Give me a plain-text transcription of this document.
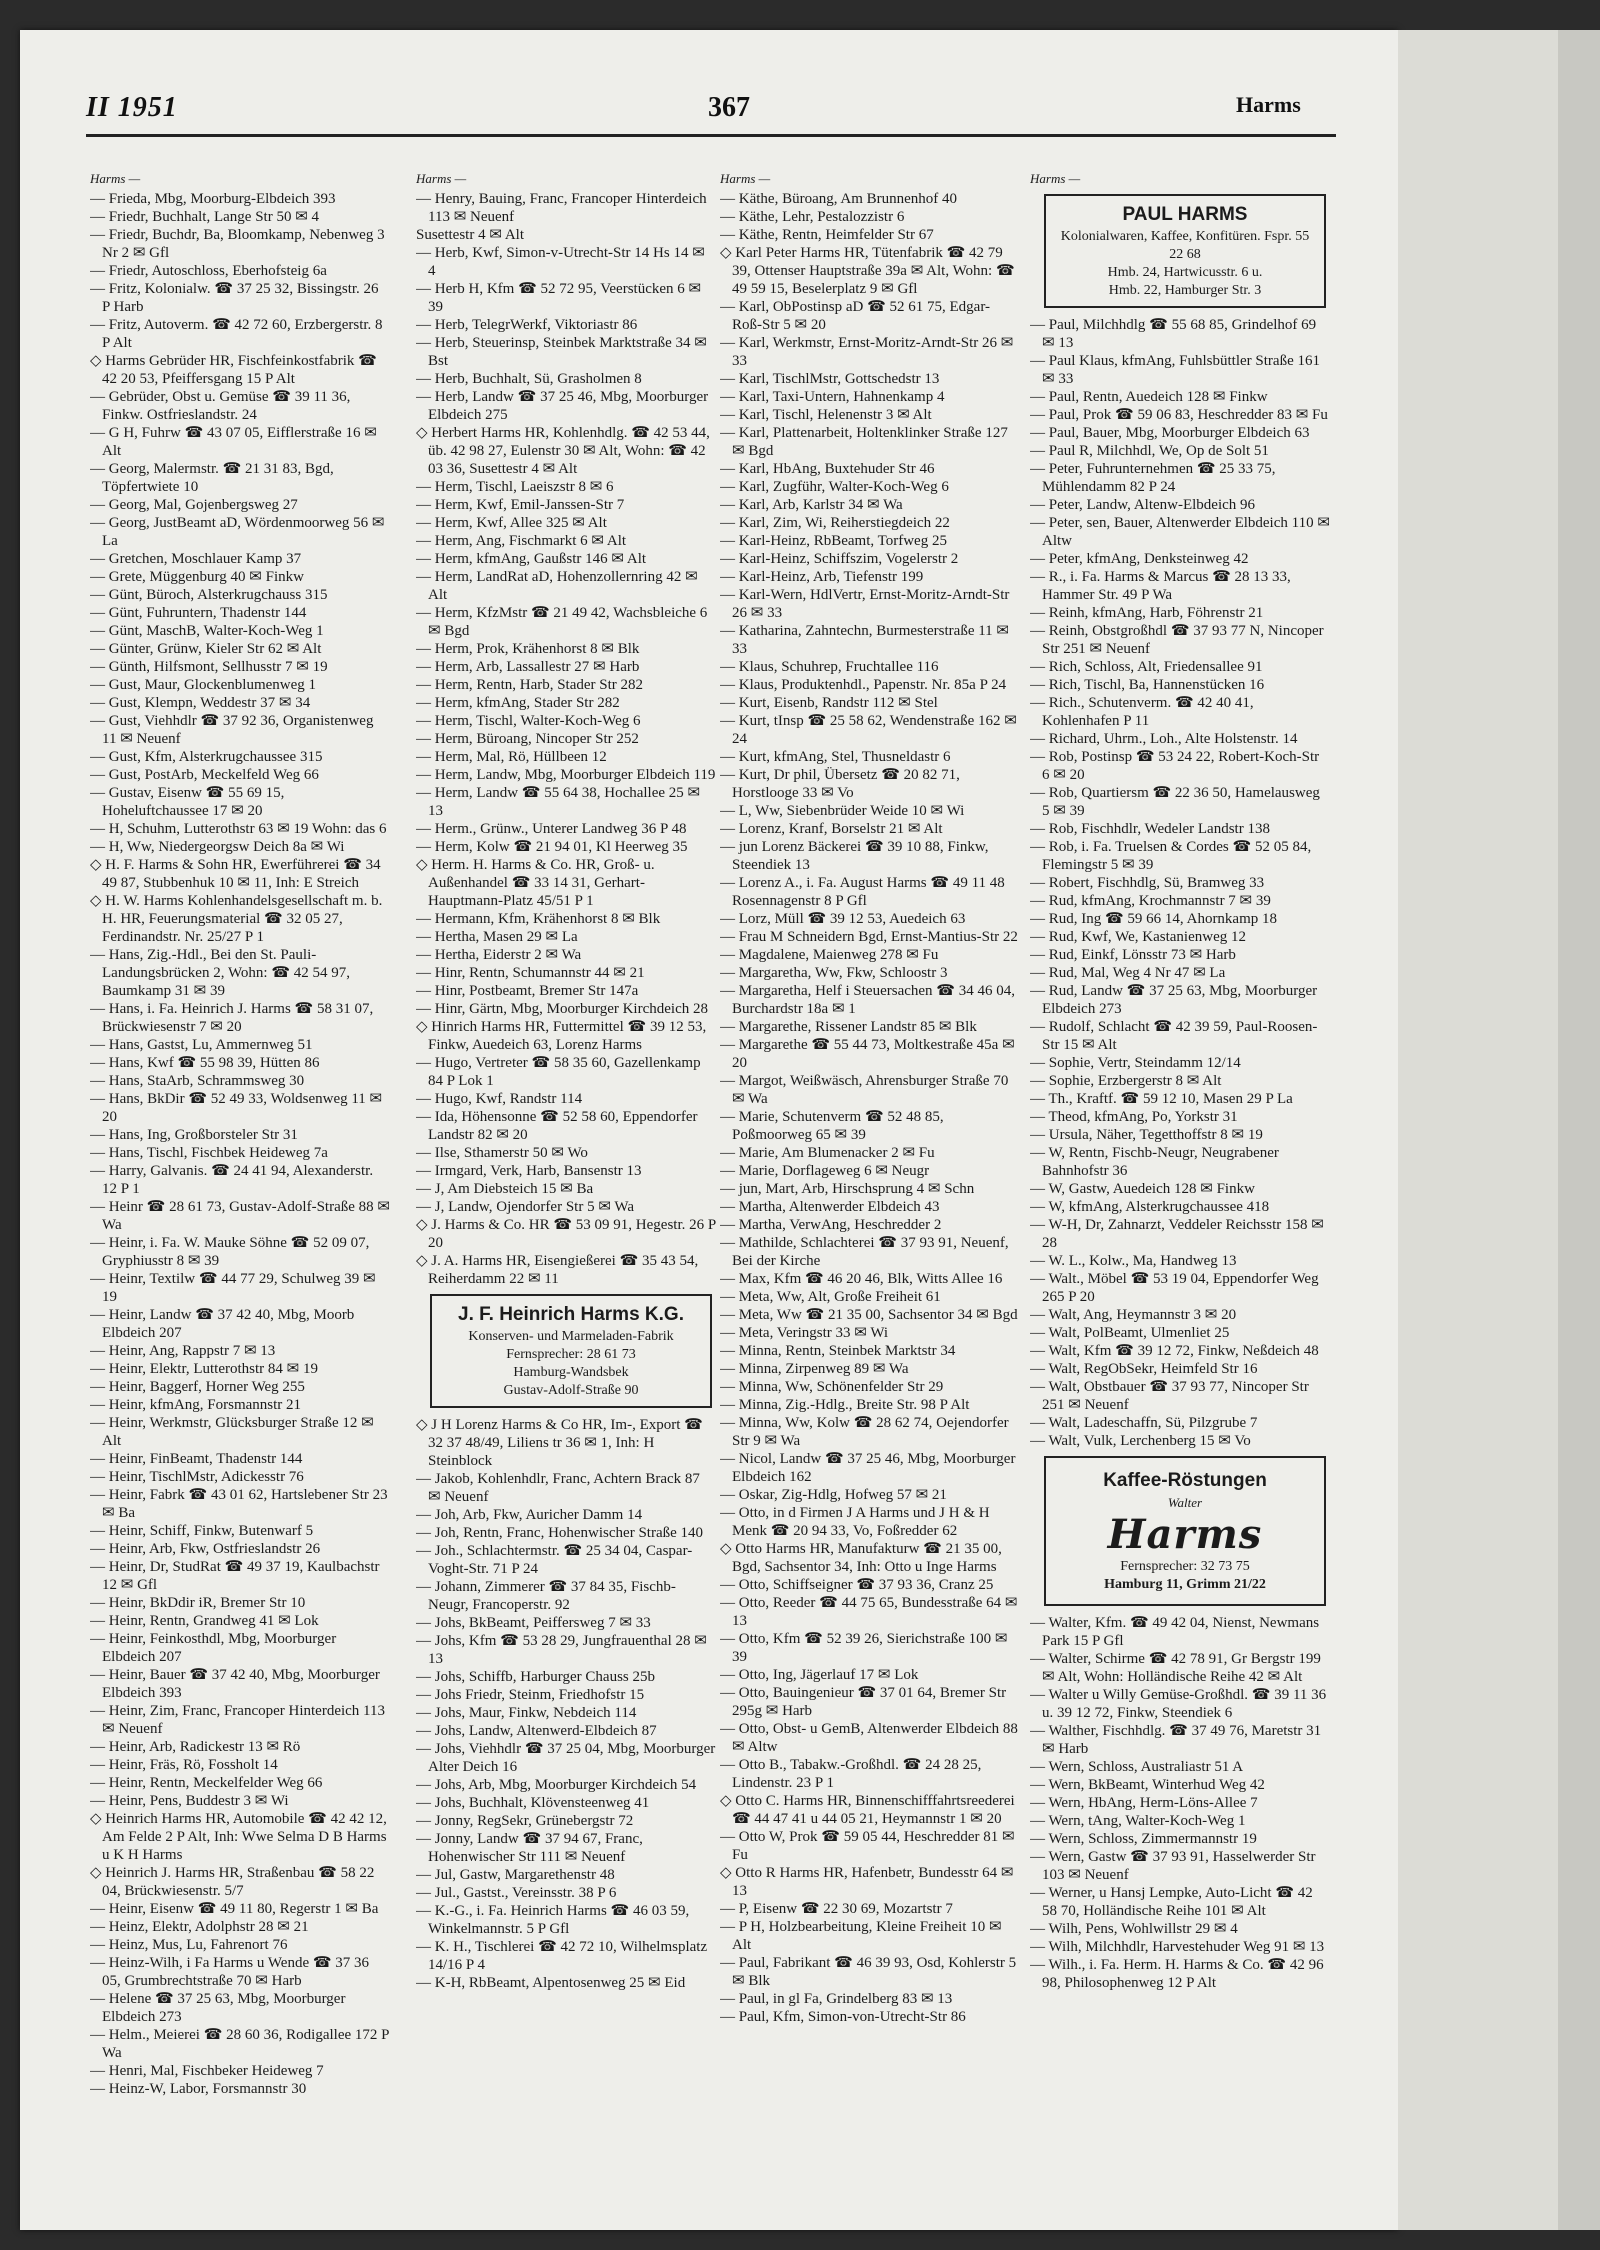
II 1951	367	Harms
Harms —

— Frieda, Mbg, Moorburg-Elbdeich 393

— Friedr, Buchhalt, Lange Str 50 ✉ 4

— Friedr, Buchdr, Ba, Bloomkamp, Nebenweg 3 Nr 2 ✉ Gfl

— Friedr, Autoschloss, Eberhofsteig 6a

— Fritz, Kolonialw. ☎ 37 25 32, Bissingstr. 26 P Harb

— Fritz, Autoverm. ☎ 42 72 60, Erzbergerstr. 8 P Alt

◇ Harms Gebrüder HR, Fischfeinkostfabrik ☎ 42 20 53, Pfeiffersgang 15 P Alt

— Gebrüder, Obst u. Gemüse ☎ 39 11 36, Finkw. Ostfrieslandstr. 24

— G H, Fuhrw ☎ 43 07 05, Eifflerstraße 16 ✉ Alt

— Georg, Malermstr. ☎ 21 31 83, Bgd, Töpfertwiete 10

— Georg, Mal, Gojenbergsweg 27

— Georg, JustBeamt aD, Wördenmoorweg 56 ✉ La

— Gretchen, Moschlauer Kamp 37

— Grete, Müggenburg 40 ✉ Finkw

— Günt, Büroch, Alsterkrugchauss 315

— Günt, Fuhruntern, Thadenstr 144

— Günt, MaschB, Walter-Koch-Weg 1

— Günter, Grünw, Kieler Str 62 ✉ Alt

— Günth, Hilfsmont, Sellhusstr 7 ✉ 19

— Gust, Maur, Glockenblumenweg 1

— Gust, Klempn, Weddestr 37 ✉ 34

— Gust, Viehhdlr ☎ 37 92 36, Organistenweg 11 ✉ Neuenf

— Gust, Kfm, Alsterkrugchaussee 315

— Gust, PostArb, Meckelfeld Weg 66

— Gustav, Eisenw ☎ 55 69 15, Hoheluftchaussee 17 ✉ 20

— H, Schuhm, Lutterothstr 63 ✉ 19 Wohn: das 6

— H, Ww, Niedergeorgsw Deich 8a ✉ Wi

◇ H. F. Harms & Sohn HR, Ewerführerei ☎ 34 49 87, Stubbenhuk 10 ✉ 11, Inh: E Streich

◇ H. W. Harms Kohlenhandelsgesellschaft m. b. H. HR, Feuerungsmaterial ☎ 32 05 27, Ferdinandstr. Nr. 25/27 P 1

— Hans, Zig.-Hdl., Bei den St. Pauli-Landungsbrücken 2, Wohn: ☎ 42 54 97, Baumkamp 31 ✉ 39

— Hans, i. Fa. Heinrich J. Harms ☎ 58 31 07, Brückwiesenstr 7 ✉ 20

— Hans, Gastst, Lu, Ammernweg 51

— Hans, Kwf ☎ 55 98 39, Hütten 86

— Hans, StaArb, Schrammsweg 30

— Hans, BkDir ☎ 52 49 33, Woldsenweg 11 ✉ 20

— Hans, Ing, Großborsteler Str 31

— Hans, Tischl, Fischbek Heideweg 7a

— Harry, Galvanis. ☎ 24 41 94, Alexanderstr. 12 P 1

— Heinr ☎ 28 61 73, Gustav-Adolf-Straße 88 ✉ Wa

— Heinr, i. Fa. W. Mauke Söhne ☎ 52 09 07, Gryphiusstr 8 ✉ 39

— Heinr, Textilw ☎ 44 77 29, Schulweg 39 ✉ 19

— Heinr, Landw ☎ 37 42 40, Mbg, Moorb Elbdeich 207

— Heinr, Ang, Rappstr 7 ✉ 13

— Heinr, Elektr, Lutterothstr 84 ✉ 19

— Heinr, Baggerf, Horner Weg 255

— Heinr, kfmAng, Forsmannstr 21

— Heinr, Werkmstr, Glücksburger Straße 12 ✉ Alt

— Heinr, FinBeamt, Thadenstr 144

— Heinr, TischlMstr, Adickesstr 76

— Heinr, Fabrk ☎ 43 01 62, Hartslebener Str 23 ✉ Ba

— Heinr, Schiff, Finkw, Butenwarf 5

— Heinr, Arb, Fkw, Ostfrieslandstr 26

— Heinr, Dr, StudRat ☎ 49 37 19, Kaulbachstr 12 ✉ Gfl

— Heinr, BkDdir iR, Bremer Str 10

— Heinr, Rentn, Grandweg 41 ✉ Lok

— Heinr, Feinkosthdl, Mbg, Moorburger Elbdeich 207

— Heinr, Bauer ☎ 37 42 40, Mbg, Moorburger Elbdeich 393

— Heinr, Zim, Franc, Francoper Hinterdeich 113 ✉ Neuenf

— Heinr, Arb, Radickestr 13 ✉ Rö

— Heinr, Fräs, Rö, Fossholt 14

— Heinr, Rentn, Meckelfelder Weg 66

— Heinr, Pens, Buddestr 3 ✉ Wi

◇ Heinrich Harms HR, Automobile ☎ 42 42 12, Am Felde 2 P Alt, Inh: Wwe Selma D B Harms u K H Harms

◇ Heinrich J. Harms HR, Straßenbau ☎ 58 22 04, Brückwiesenstr. 5/7

— Heinr, Eisenw ☎ 49 11 80, Regerstr 1 ✉ Ba

— Heinz, Elektr, Adolphstr 28 ✉ 21

— Heinz, Mus, Lu, Fahrenort 76

— Heinz-Wilh, i Fa Harms u Wende ☎ 37 36 05, Grumbrechtstraße 70 ✉ Harb

— Helene ☎ 37 25 63, Mbg, Moorburger Elbdeich 273

— Helm., Meierei ☎ 28 60 36, Rodigallee 172 P Wa

— Henri, Mal, Fischbeker Heideweg 7

— Heinz-W, Labor, Forsmannstr 30

Harms —

— Henry, Bauing, Franc, Francoper Hinterdeich 113 ✉ Neuenf

Susettestr 4 ✉ Alt

— Herb, Kwf, Simon-v-Utrecht-Str 14 Hs 14 ✉ 4

— Herb H, Kfm ☎ 52 72 95, Veerstücken 6 ✉ 39

— Herb, TelegrWerkf, Viktoriastr 86

— Herb, Steuerinsp, Steinbek Marktstraße 34 ✉ Bst

— Herb, Buchhalt, Sü, Grasholmen 8

— Herb, Landw ☎ 37 25 46, Mbg, Moorburger Elbdeich 275

◇ Herbert Harms HR, Kohlenhdlg. ☎ 42 53 44, üb. 42 98 27, Eulenstr 30 ✉ Alt, Wohn: ☎ 42 03 36, Susettestr 4 ✉ Alt

— Herm, Tischl, Laeiszstr 8 ✉ 6

— Herm, Kwf, Emil-Janssen-Str 7

— Herm, Kwf, Allee 325 ✉ Alt

— Herm, Ang, Fischmarkt 6 ✉ Alt

— Herm, kfmAng, Gaußstr 146 ✉ Alt

— Herm, LandRat aD, Hohenzollernring 42 ✉ Alt

— Herm, KfzMstr ☎ 21 49 42, Wachsbleiche 6 ✉ Bgd

— Herm, Prok, Krähenhorst 8 ✉ Blk

— Herm, Arb, Lassallestr 27 ✉ Harb

— Herm, Rentn, Harb, Stader Str 282

— Herm, kfmAng, Stader Str 282

— Herm, Tischl, Walter-Koch-Weg 6

— Herm, Büroang, Nincoper Str 252

— Herm, Mal, Rö, Hüllbeen 12

— Herm, Landw, Mbg, Moorburger Elbdeich 119

— Herm, Landw ☎ 55 64 38, Hochallee 25 ✉ 13

— Herm., Grünw., Unterer Landweg 36 P 48

— Herm, Kolw ☎ 21 94 01, Kl Heerweg 35

◇ Herm. H. Harms & Co. HR, Groß- u. Außenhandel ☎ 33 14 31, Gerhart-Hauptmann-Platz 45/51 P 1

— Hermann, Kfm, Krähenhorst 8 ✉ Blk

— Hertha, Masen 29 ✉ La

— Hertha, Eiderstr 2 ✉ Wa

— Hinr, Rentn, Schumannstr 44 ✉ 21

— Hinr, Postbeamt, Bremer Str 147a

— Hinr, Gärtn, Mbg, Moorburger Kirchdeich 28

◇ Hinrich Harms HR, Futtermittel ☎ 39 12 53, Finkw, Auedeich 63, Lorenz Harms

— Hugo, Vertreter ☎ 58 35 60, Gazellenkamp 84 P Lok 1

— Hugo, Kwf, Randstr 114

— Ida, Höhensonne ☎ 52 58 60, Eppendorfer Landstr 82 ✉ 20

— Ilse, Sthamerstr 50 ✉ Wo

— Irmgard, Verk, Harb, Bansenstr 13

— J, Am Diebsteich 15 ✉ Ba

— J, Landw, Ojendorfer Str 5 ✉ Wa

◇ J. Harms & Co. HR ☎ 53 09 91, Hegestr. 26 P 20

◇ J. A. Harms HR, Eisengießerei ☎ 35 43 54, Reiherdamm 22 ✉ 11

J. F. Heinrich Harms K.G.
Konserven- und Marmeladen-Fabrik
Fernsprecher: 28 61 73
Hamburg-Wandsbek
Gustav-Adolf-Straße 90

◇ J H Lorenz Harms & Co HR, Im-, Export ☎ 32 37 48/49, Liliens tr 36 ✉ 1, Inh: H Steinblock

— Jakob, Kohlenhdlr, Franc, Achtern Brack 87 ✉ Neuenf

— Joh, Arb, Fkw, Auricher Damm 14

— Joh, Rentn, Franc, Hohenwischer Straße 140

— Joh., Schlachtermstr. ☎ 25 34 04, Caspar-Voght-Str. 71 P 24

— Johann, Zimmerer ☎ 37 84 35, Fischb-Neugr, Francoperstr. 92

— Johs, BkBeamt, Peiffersweg 7 ✉ 33

— Johs, Kfm ☎ 53 28 29, Jungfrauenthal 28 ✉ 13

— Johs, Schiffb, Harburger Chauss 25b

— Johs Friedr, Steinm, Friedhofstr 15

— Johs, Maur, Finkw, Nebdeich 114

— Johs, Landw, Altenwerd-Elbdeich 87

— Johs, Viehhdlr ☎ 37 25 04, Mbg, Moorburger Alter Deich 16

— Johs, Arb, Mbg, Moorburger Kirchdeich 54

— Johs, Buchhalt, Klövensteenweg 41

— Jonny, RegSekr, Grünebergstr 72

— Jonny, Landw ☎ 37 94 67, Franc, Hohenwischer Str 111 ✉ Neuenf

— Jul, Gastw, Margarethenstr 48

— Jul., Gastst., Vereinsstr. 38 P 6

— K.-G., i. Fa. Heinrich Harms ☎ 46 03 59, Winkelmannstr. 5 P Gfl

— K. H., Tischlerei ☎ 42 72 10, Wilhelmsplatz 14/16 P 4

— K-H, RbBeamt, Alpentosenweg 25 ✉ Eid

Harms —

— Käthe, Büroang, Am Brunnenhof 40

— Käthe, Lehr, Pestalozzistr 6

— Käthe, Rentn, Heimfelder Str 67

◇ Karl Peter Harms HR, Tütenfabrik ☎ 42 79 39, Ottenser Hauptstraße 39a ✉ Alt, Wohn: ☎ 49 59 15, Beselerplatz 9 ✉ Gfl

— Karl, ObPostinsp aD ☎ 52 61 75, Edgar-Roß-Str 5 ✉ 20

— Karl, Werkmstr, Ernst-Moritz-Arndt-Str 26 ✉ 33

— Karl, TischlMstr, Gottschedstr 13

— Karl, Taxi-Untern, Hahnenkamp 4

— Karl, Tischl, Helenenstr 3 ✉ Alt

— Karl, Plattenarbeit, Holtenklinker Straße 127 ✉ Bgd

— Karl, HbAng, Buxtehuder Str 46

— Karl, Zugführ, Walter-Koch-Weg 6

— Karl, Arb, Karlstr 34 ✉ Wa

— Karl, Zim, Wi, Reiherstiegdeich 22

— Karl-Heinz, RbBeamt, Torfweg 25

— Karl-Heinz, Schiffszim, Vogelerstr 2

— Karl-Heinz, Arb, Tiefenstr 199

— Karl-Wern, HdlVertr, Ernst-Moritz-Arndt-Str 26 ✉ 33

— Katharina, Zahntechn, Burmesterstraße 11 ✉ 33

— Klaus, Schuhrep, Fruchtallee 116

— Klaus, Produktenhdl., Papenstr. Nr. 85a P 24

— Kurt, Eisenb, Randstr 112 ✉ Stel

— Kurt, tInsp ☎ 25 58 62, Wendenstraße 162 ✉ 24

— Kurt, kfmAng, Stel, Thusneldastr 6

— Kurt, Dr phil, Übersetz ☎ 20 82 71, Horstlooge 33 ✉ Vo

— L, Ww, Siebenbrüder Weide 10 ✉ Wi

— Lorenz, Kranf, Borselstr 21 ✉ Alt

— jun Lorenz Bäckerei ☎ 39 10 88, Finkw, Steendiek 13

— Lorenz A., i. Fa. August Harms ☎ 49 11 48 Rosennagenstr 8 P Gfl

— Lorz, Müll ☎ 39 12 53, Auedeich 63

— Frau M Schneidern Bgd, Ernst-Mantius-Str 22

— Magdalene, Maienweg 278 ✉ Fu

— Margaretha, Ww, Fkw, Schloostr 3

— Margaretha, Helf i Steuersachen ☎ 34 46 04, Burchardstr 18a ✉ 1

— Margarethe, Rissener Landstr 85 ✉ Blk

— Margarethe ☎ 55 44 73, Moltkestraße 45a ✉ 20

— Margot, Weißwäsch, Ahrensburger Straße 70 ✉ Wa

— Marie, Schutenverm ☎ 52 48 85, Poßmoorweg 65 ✉ 39

— Marie, Am Blumenacker 2 ✉ Fu

— Marie, Dorflageweg 6 ✉ Neugr

— jun, Mart, Arb, Hirschsprung 4 ✉ Schn

— Martha, Altenwerder Elbdeich 43

— Martha, VerwAng, Heschredder 2

— Mathilde, Schlachterei ☎ 37 93 91, Neuenf, Bei der Kirche

— Max, Kfm ☎ 46 20 46, Blk, Witts Allee 16

— Meta, Ww, Alt, Große Freiheit 61

— Meta, Ww ☎ 21 35 00, Sachsentor 34 ✉ Bgd

— Meta, Veringstr 33 ✉ Wi

— Minna, Rentn, Steinbek Marktstr 34

— Minna, Zirpenweg 89 ✉ Wa

— Minna, Ww, Schönenfelder Str 29

— Minna, Zig.-Hdlg., Breite Str. 98 P Alt

— Minna, Ww, Kolw ☎ 28 62 74, Oejendorfer Str 9 ✉ Wa

— Nicol, Landw ☎ 37 25 46, Mbg, Moorburger Elbdeich 162

— Oskar, Zig-Hdlg, Hofweg 57 ✉ 21

— Otto, in d Firmen J A Harms und J H & H Menk ☎ 20 94 33, Vo, Foßredder 62

◇ Otto Harms HR, Manufakturw ☎ 21 35 00, Bgd, Sachsentor 34, Inh: Otto u Inge Harms

— Otto, Schiffseigner ☎ 37 93 36, Cranz 25

— Otto, Reeder ☎ 44 75 65, Bundesstraße 64 ✉ 13

— Otto, Kfm ☎ 52 39 26, Sierichstraße 100 ✉ 39

— Otto, Ing, Jägerlauf 17 ✉ Lok

— Otto, Bauingenieur ☎ 37 01 64, Bremer Str 295g ✉ Harb

— Otto, Obst- u GemB, Altenwerder Elbdeich 88 ✉ Altw

— Otto B., Tabakw.-Großhdl. ☎ 24 28 25, Lindenstr. 23 P 1

◇ Otto C. Harms HR, Binnenschifffahrtsreederei ☎ 44 47 41 u 44 05 21, Heymannstr 1 ✉ 20

— Otto W, Prok ☎ 59 05 44, Heschredder 81 ✉ Fu

◇ Otto R Harms HR, Hafenbetr, Bundesstr 64 ✉ 13

— P, Eisenw ☎ 22 30 69, Mozartstr 7

— P H, Holzbearbeitung, Kleine Freiheit 10 ✉ Alt

— Paul, Fabrikant ☎ 46 39 93, Osd, Kohlerstr 5 ✉ Blk

— Paul, in gl Fa, Grindelberg 83 ✉ 13

— Paul, Kfm, Simon-von-Utrecht-Str 86

Harms —
PAUL HARMS
Kolonialwaren, Kaffee, Konfitüren. Fspr. 55 22 68
Hmb. 24, Hartwicusstr. 6 u.
Hmb. 22, Hamburger Str. 3

— Paul, Milchhdlg ☎ 55 68 85, Grindelhof 69 ✉ 13

— Paul Klaus, kfmAng, Fuhlsbüttler Straße 161 ✉ 33

— Paul, Rentn, Auedeich 128 ✉ Finkw

— Paul, Prok ☎ 59 06 83, Heschredder 83 ✉ Fu

— Paul, Bauer, Mbg, Moorburger Elbdeich 63

— Paul R, Milchhdl, We, Op de Solt 51

— Peter, Fuhrunternehmen ☎ 25 33 75, Mühlendamm 82 P 24

— Peter, Landw, Altenw-Elbdeich 96

— Peter, sen, Bauer, Altenwerder Elbdeich 110 ✉ Altw

— Peter, kfmAng, Denksteinweg 42

— R., i. Fa. Harms & Marcus ☎ 28 13 33, Hammer Str. 49 P Wa

— Reinh, kfmAng, Harb, Föhrenstr 21

— Reinh, Obstgroßhdl ☎ 37 93 77 N, Nincoper Str 251 ✉ Neuenf

— Rich, Schloss, Alt, Friedensallee 91

— Rich, Tischl, Ba, Hannenstücken 16

— Rich., Schutenverm. ☎ 42 40 41, Kohlenhafen P 11

— Richard, Uhrm., Loh., Alte Holstenstr. 14

— Rob, Postinsp ☎ 53 24 22, Robert-Koch-Str 6 ✉ 20

— Rob, Quartiersm ☎ 22 36 50, Hamelausweg 5 ✉ 39

— Rob, Fischhdlr, Wedeler Landstr 138

— Rob, i. Fa. Truelsen & Cordes ☎ 52 05 84, Flemingstr 5 ✉ 39

— Robert, Fischhdlg, Sü, Bramweg 33

— Rud, kfmAng, Krochmannstr 7 ✉ 39

— Rud, Ing ☎ 59 66 14, Ahornkamp 18

— Rud, Kwf, We, Kastanienweg 12

— Rud, Einkf, Lönsstr 73 ✉ Harb

— Rud, Mal, Weg 4 Nr 47 ✉ La

— Rud, Landw ☎ 37 25 63, Mbg, Moorburger Elbdeich 273

— Rudolf, Schlacht ☎ 42 39 59, Paul-Roosen-Str 15 ✉ Alt

— Sophie, Vertr, Steindamm 12/14

— Sophie, Erzbergerstr 8 ✉ Alt

— Th., Kraftf. ☎ 59 12 10, Masen 29 P La

— Theod, kfmAng, Po, Yorkstr 31

— Ursula, Näher, Tegetthoffstr 8 ✉ 19

— W, Rentn, Fischb-Neugr, Neugrabener Bahnhofstr 36

— W, Gastw, Auedeich 128 ✉ Finkw

— W, kfmAng, Alsterkrugchaussee 418

— W-H, Dr, Zahnarzt, Veddeler Reichsstr 158 ✉ 28

— W. L., Kolw., Ma, Handweg 13

— Walt., Möbel ☎ 53 19 04, Eppendorfer Weg 265 P 20

— Walt, Ang, Heymannstr 3 ✉ 20

— Walt, PolBeamt, Ulmenliet 25

— Walt, Kfm ☎ 39 12 72, Finkw, Neßdeich 48

— Walt, RegObSekr, Heimfeld Str 16

— Walt, Obstbauer ☎ 37 93 77, Nincoper Str 251 ✉ Neuenf

— Walt, Ladeschaffn, Sü, Pilzgrube 7

— Walt, Vulk, Lerchenberg 15 ✉ Vo

Kaffee-Röstungen
Walter
Harms
Fernsprecher: 32 73 75
Hamburg 11, Grimm 21/22

— Walter, Kfm. ☎ 49 42 04, Nienst, Newmans Park 15 P Gfl

— Walter, Schirme ☎ 42 78 91, Gr Bergstr 199 ✉ Alt, Wohn: Holländische Reihe 42 ✉ Alt

— Walter u Willy Gemüse-Großhdl. ☎ 39 11 36 u. 39 12 72, Finkw, Steendiek 6

— Walther, Fischhdlg. ☎ 37 49 76, Maretstr 31 ✉ Harb

— Wern, Schloss, Australiastr 51 A

— Wern, BkBeamt, Winterhud Weg 42

— Wern, HbAng, Herm-Löns-Allee 7

— Wern, tAng, Walter-Koch-Weg 1

— Wern, Schloss, Zimmermannstr 19

— Wern, Gastw ☎ 37 93 91, Hasselwerder Str 103 ✉ Neuenf

— Werner, u Hansj Lempke, Auto-Licht ☎ 42 58 70, Holländische Reihe 101 ✉ Alt

— Wilh, Pens, Wohlwillstr 29 ✉ 4

— Wilh, Milchhdlr, Harvestehuder Weg 91 ✉ 13

— Wilh., i. Fa. Herm. H. Harms & Co. ☎ 42 96 98, Philosophenweg 12 P Alt
